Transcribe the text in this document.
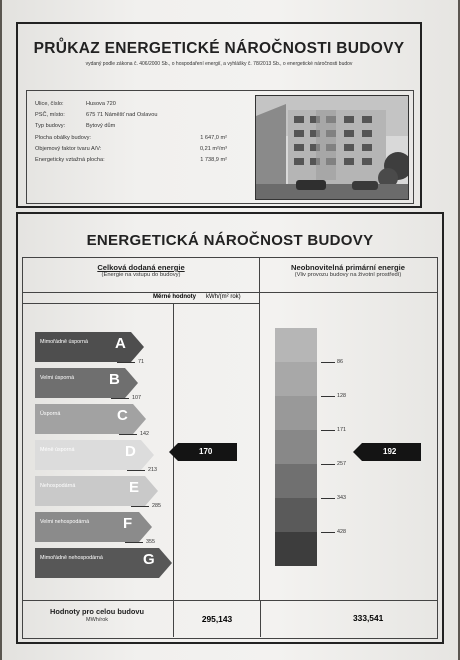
PRŮKAZ ENERGETICKÉ NÁROČNOSTI BUDOVY
vydaný podle zákona č. 406/2000 Sb., o hospodaření energií, a vyhlášky č. 78/2013 Sb., o energetické náročnosti budov
Ulice, číslo:	Husova 720
PSČ, místo:	675 71 Náměšť nad Oslavou
Typ budovy:	Bytový dům
Plocha obálky budovy:	1 647,0 m²
Objemový faktor tvaru A/V:	0,21 m²/m³
Energeticky vztažná plocha:	1 738,9 m²
ENERGETICKÁ NÁROČNOST BUDOVY
Celková dodaná energie
(Energie na vstupu do budovy)
Neobnovitelná primární energie
(Vliv provozu budovy na životní prostředí)
Měrné hodnoty kWh/(m² rok)
Mimořádně úsporná	A
71
Velmi úsporná	B
107
Úsporná	C
142
Méně úsporná	D
213
Nehospodárná	E
285
Velmi nehospodárná	F
355
Mimořádně nehospodárná	G
86
128
171
257
343
428
170	192
Hodnoty pro celou budovu
MWh/rok	295,143	333,541
